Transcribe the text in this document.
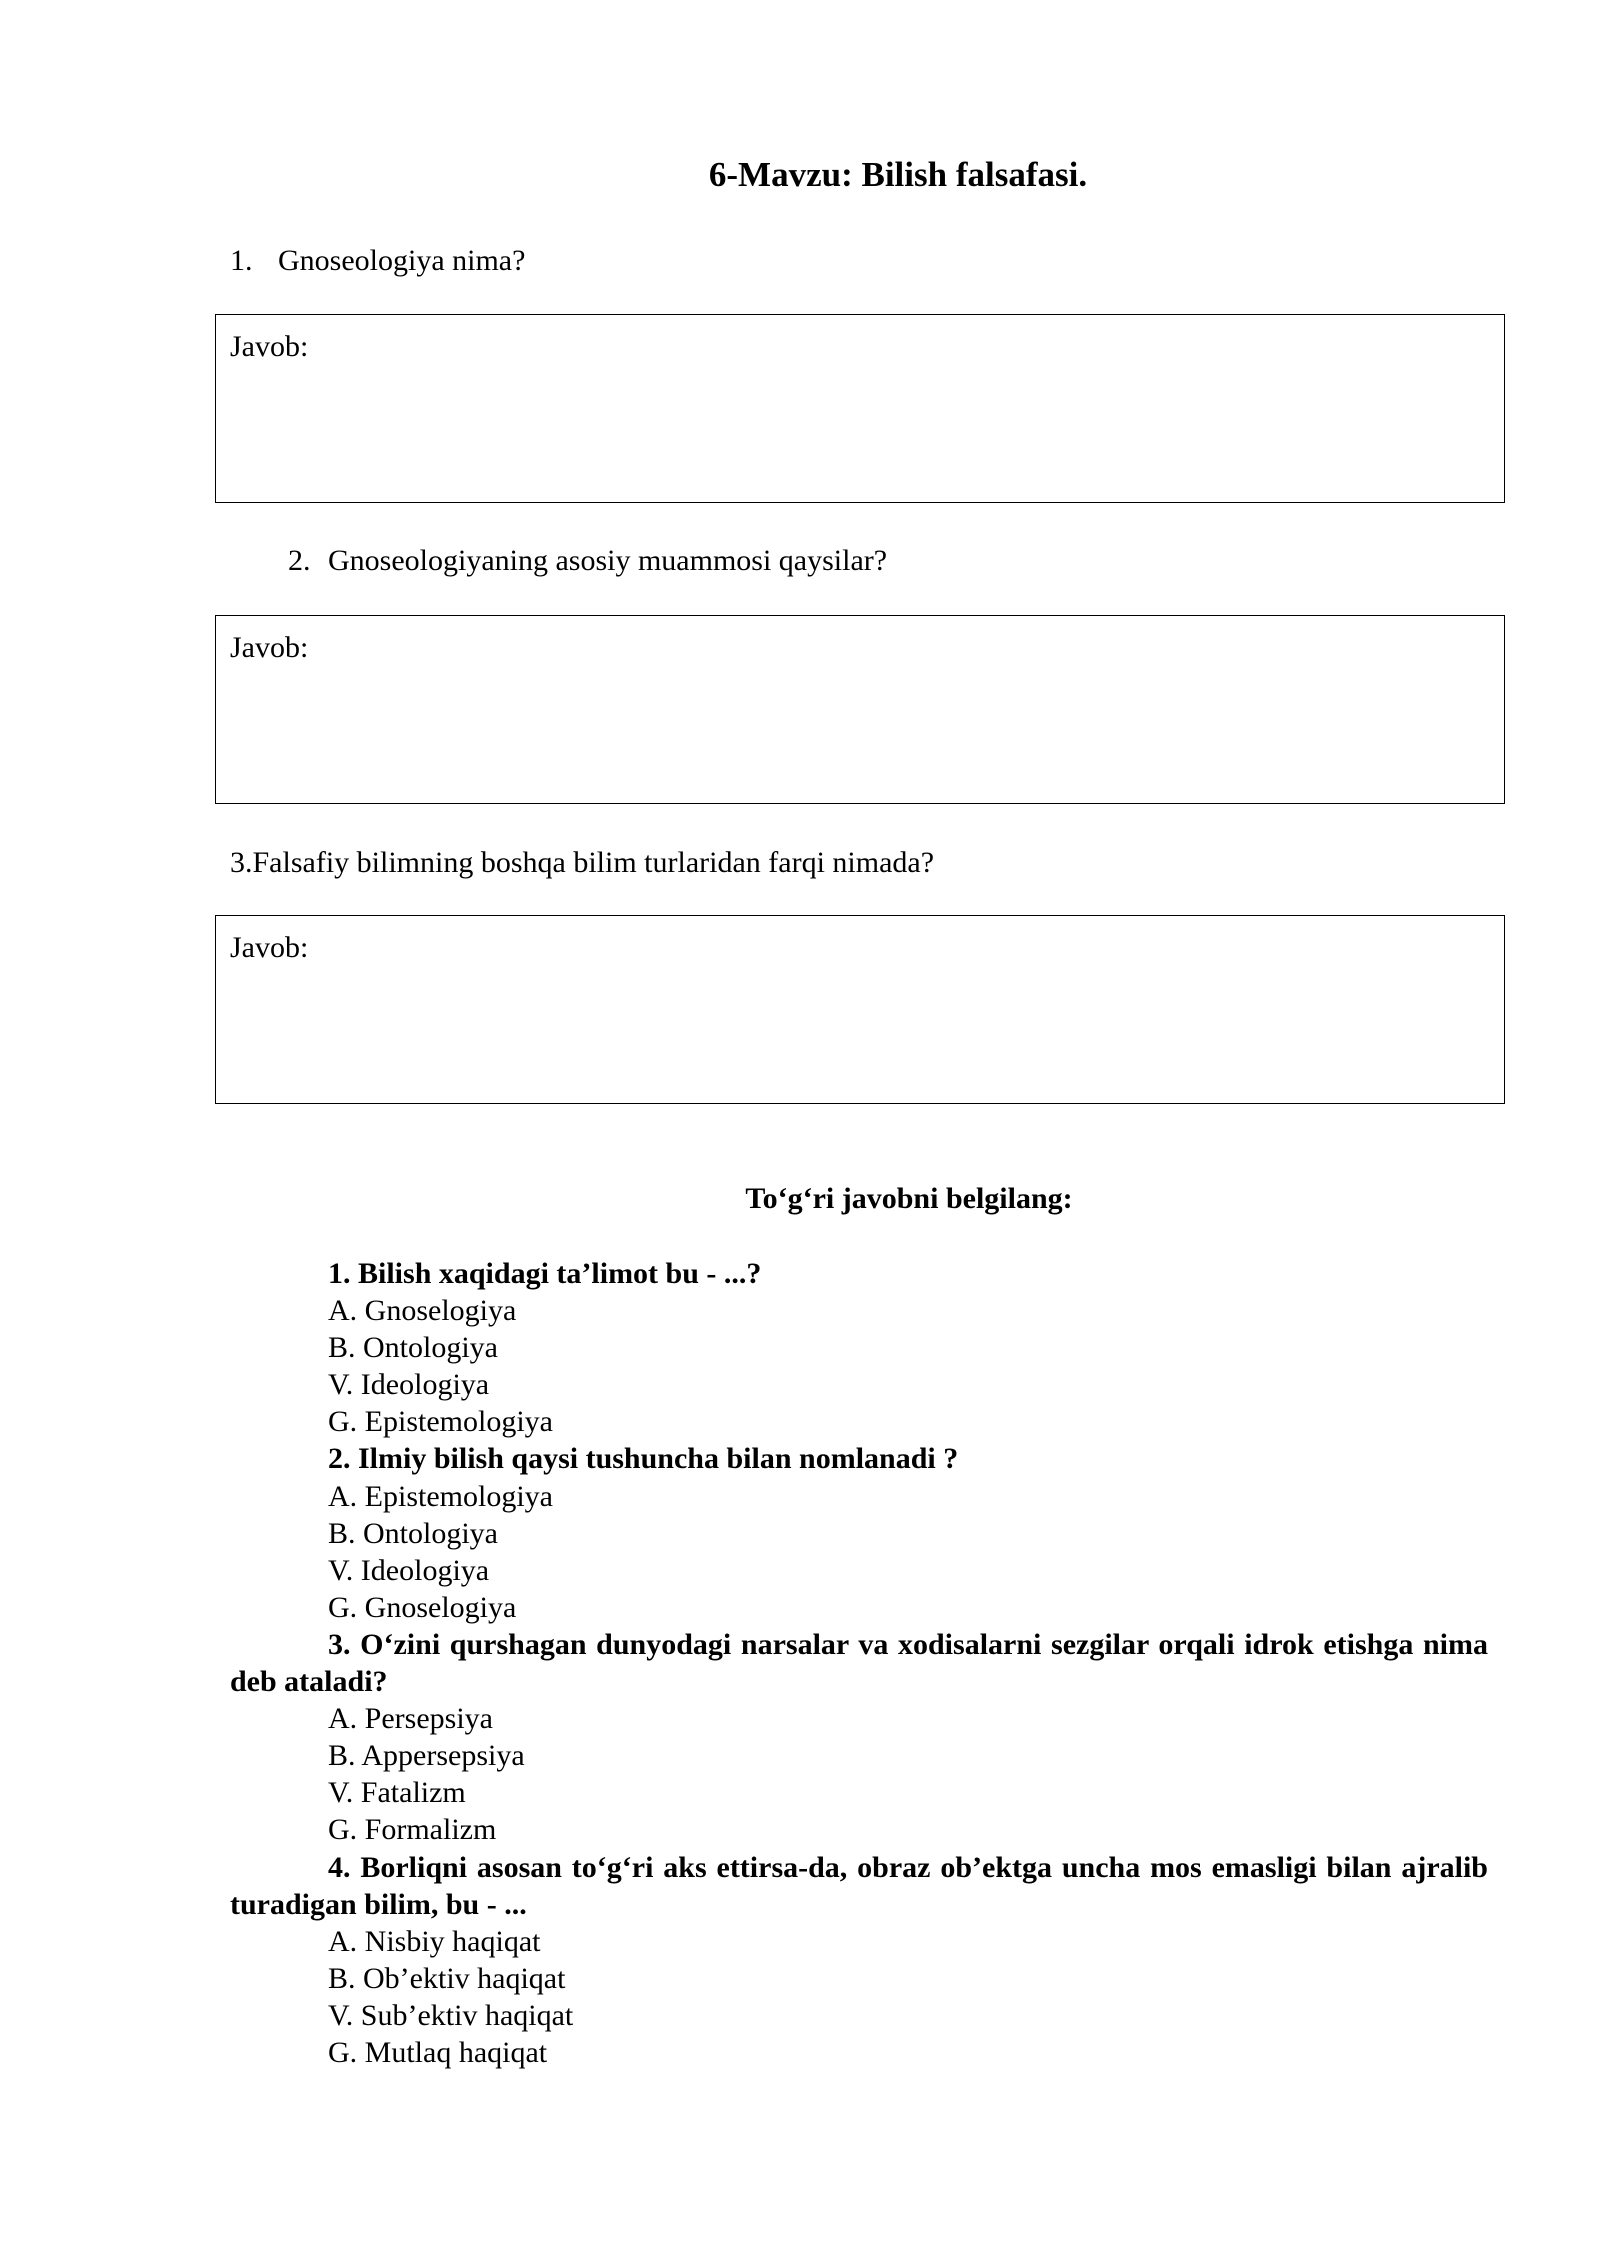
6-Mavzu: Bilish falsafasi.
1. Gnoseologiya nima?
Javob:
2. Gnoseologiyaning asosiy muammosi qaysilar?
Javob:
3.Falsafiy bilimning boshqa bilim turlaridan farqi nimada?
Javob:
To‘g‘ri javobni belgilang:
1. Bilish xaqidagi ta’limot bu - ...?
A. Gnoselogiya
B. Ontologiya
V. Ideologiya
G. Epistemologiya
2. Ilmiy bilish qaysi tushuncha bilan nomlanadi ?
A. Epistemologiya
B. Ontologiya
V. Ideologiya
G. Gnoselogiya
3. O‘zini qurshagan dunyodagi narsalar va xodisalarni sezgilar orqali idrok etishga nima deb ataladi?
A. Persepsiya
B. Appersepsiya
V. Fatalizm
G. Formalizm
4. Borliqni asosan to‘g‘ri aks ettirsa-da, obraz ob’ektga uncha mos emasligi bilan ajralib turadigan bilim, bu - ...
A. Nisbiy haqiqat
B. Ob’ektiv haqiqat
V. Sub’ektiv haqiqat
G. Mutlaq haqiqat
